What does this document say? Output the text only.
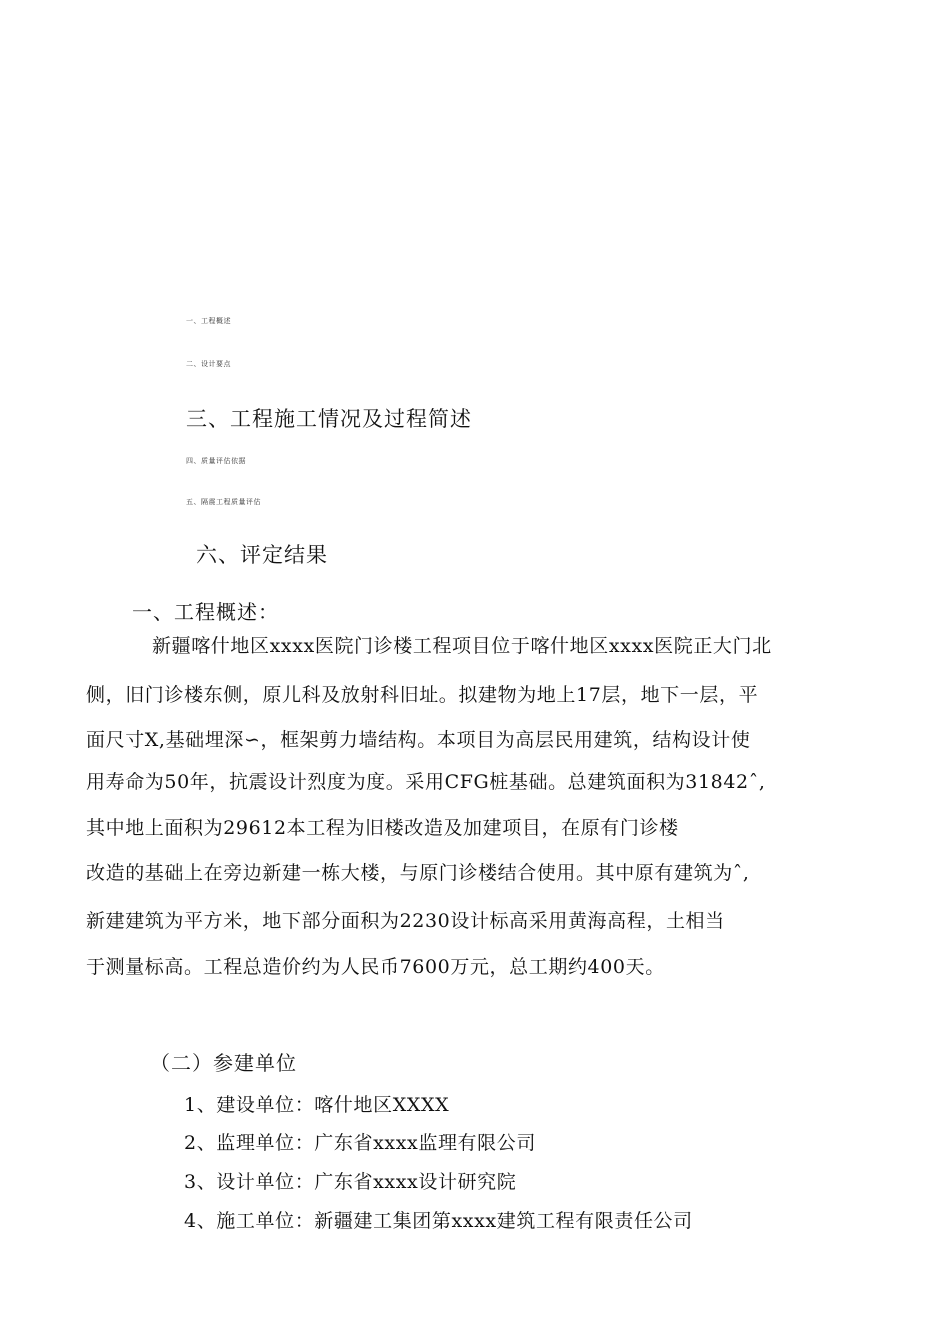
一、工程概述
二、设计要点
三、工程施工情况及过程简述
四、质量评估依据
五、隔震工程质量评估
六、评定结果
一、工程概述：
新疆喀什地区xxxx医院门诊楼工程项目位于喀什地区xxxx医院正大门北
侧，旧门诊楼东侧，原儿科及放射科旧址。拟建物为地上17层，地下一层，平
面尺寸X,基础埋深∽，框架剪力墙结构。本项目为高层民用建筑，结构设计使
用寿命为50年，抗震设计烈度为度。采用CFG桩基础。总建筑面积为31842ˆ,
其中地上面积为29612本工程为旧楼改造及加建项目，在原有门诊楼
改造的基础上在旁边新建一栋大楼，与原门诊楼结合使用。其中原有建筑为ˆ,
新建建筑为平方米，地下部分面积为2230设计标高采用黄海高程，土相当
于测量标高。工程总造价约为人民币7600万元，总工期约400天。
（二）参建单位
1、建设单位：喀什地区XXXX
2、监理单位：广东省xxxx监理有限公司
3、设计单位：广东省xxxx设计研究院
4、施工单位：新疆建工集团第xxxx建筑工程有限责任公司
